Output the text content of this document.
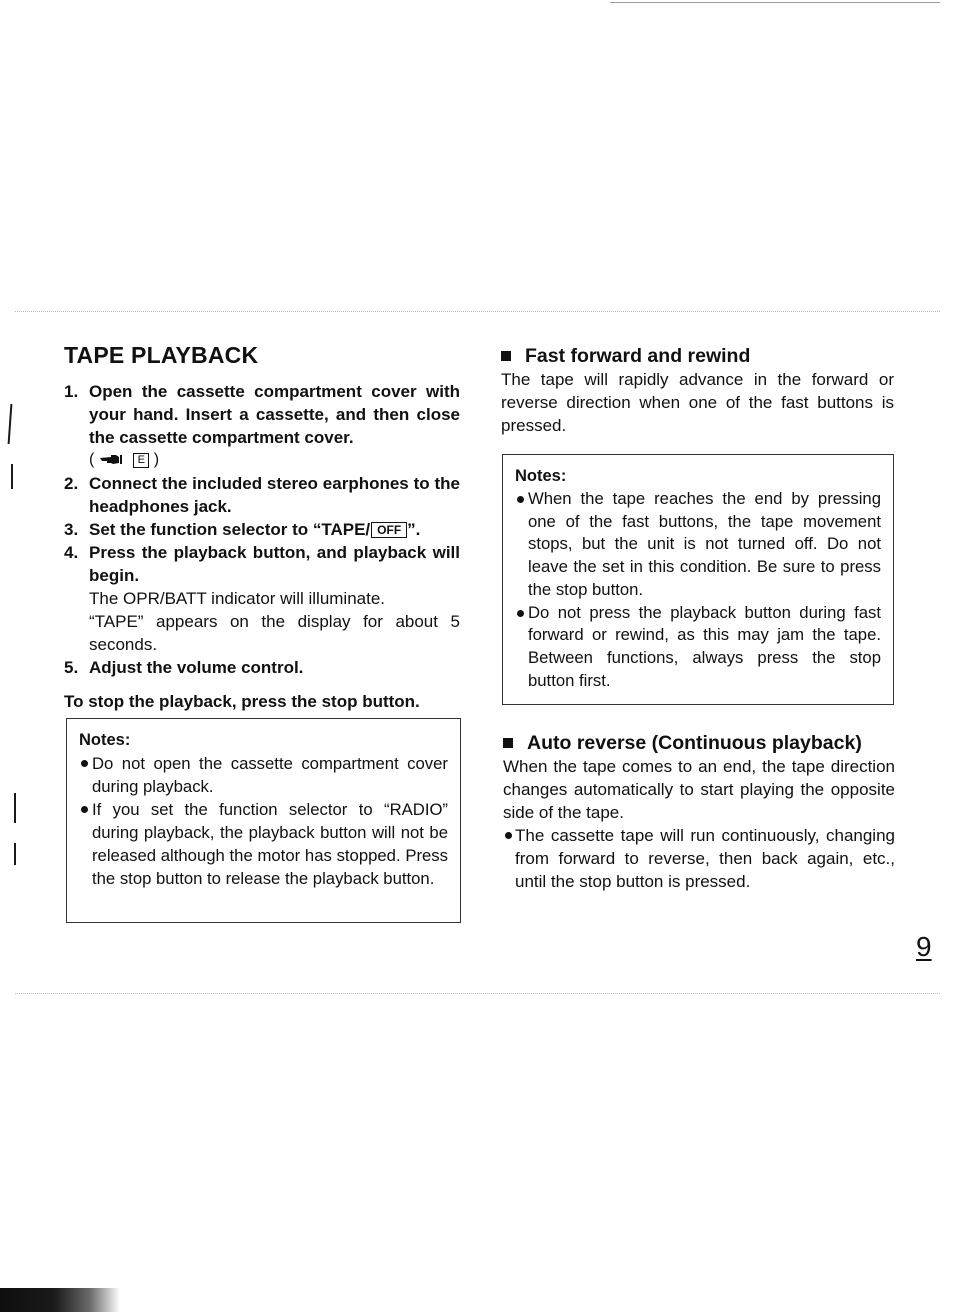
TAPE PLAYBACK
1. Open the cassette compartment cover with your hand. Insert a cassette, and then close the cassette compartment cover.
(	E )
2. Connect the included stereo earphones to the headphones jack.
3. Set the function selector to “TAPE/ OFF ”.
4. Press the playback button, and playback will begin.
The OPR/BATT indicator will illuminate.
“TAPE” appears on the display for about 5 seconds.
5. Adjust the volume control.
To stop the playback, press the stop button.
Notes:
Do not open the cassette compartment cover during playback.
If you set the function selector to “RADIO” during playback, the playback button will not be released although the motor has stopped. Press the stop button to release the playback button.
Fast forward and rewind
The tape will rapidly advance in the forward or reverse direction when one of the fast buttons is pressed.
Notes:
When the tape reaches the end by pressing one of the fast buttons, the tape movement stops, but the unit is not turned off. Do not leave the set in this condition. Be sure to press the stop button.
Do not press the playback button during fast forward or rewind, as this may jam the tape. Between functions, always press the stop button first.
Auto reverse (Continuous playback)
When the tape comes to an end, the tape direction changes automatically to start playing the opposite side of the tape.
The cassette tape will run continuously, changing from forward to reverse, then back again, etc., until the stop button is pressed.
9
